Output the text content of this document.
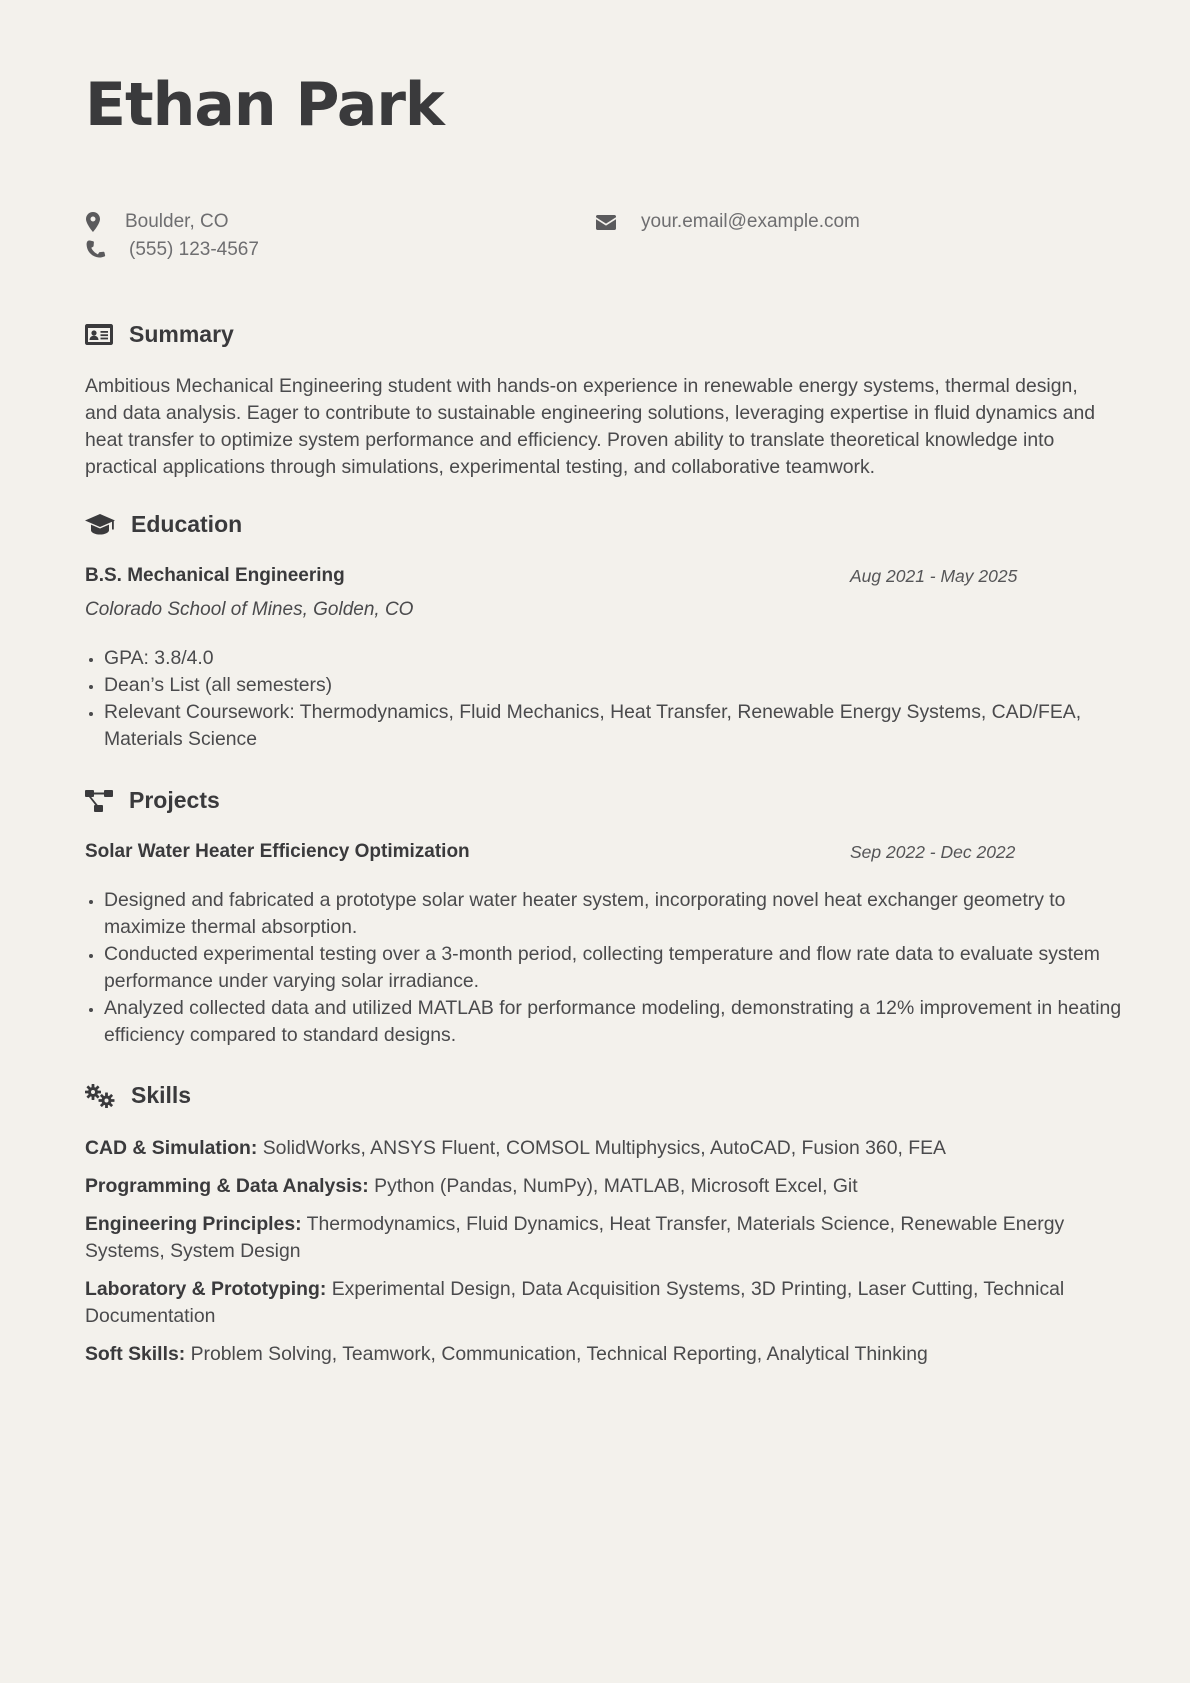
Ethan Park
Boulder, CO	your.email@example.com
(555) 123-4567
Summary

Ambitious Mechanical Engineering student with hands-on experience in renewable energy systems, thermal design, and data analysis. Eager to contribute to sustainable engineering solutions, leveraging expertise in fluid dynamics and heat transfer to optimize system performance and efficiency. Proven ability to translate theoretical knowledge into practical applications through simulations, experimental testing, and collaborative teamwork.

Education
B.S. Mechanical Engineering	Aug 2021 - May 2025
Colorado School of Mines, Golden, CO
• GPA: 3.8/4.0
• Dean’s List (all semesters)
• Relevant Coursework: Thermodynamics, Fluid Mechanics, Heat Transfer, Renewable Energy Systems, CAD/FEA, Materials Science
Projects
Solar Water Heater Efficiency Optimization	Sep 2022 - Dec 2022
• Designed and fabricated a prototype solar water heater system, incorporating novel heat exchanger geometry to maximize thermal absorption.
• Conducted experimental testing over a 3-month period, collecting temperature and flow rate data to evaluate system performance under varying solar irradiance.
• Analyzed collected data and utilized MATLAB for performance modeling, demonstrating a 12% improvement in heating efficiency compared to standard designs.
Skills

CAD & Simulation: SolidWorks, ANSYS Fluent, COMSOL Multiphysics, AutoCAD, Fusion 360, FEA

Programming & Data Analysis: Python (Pandas, NumPy), MATLAB, Microsoft Excel, Git

Engineering Principles: Thermodynamics, Fluid Dynamics, Heat Transfer, Materials Science, Renewable Energy Systems, System Design

Laboratory & Prototyping: Experimental Design, Data Acquisition Systems, 3D Printing, Laser Cutting, Technical Documentation

Soft Skills: Problem Solving, Teamwork, Communication, Technical Reporting, Analytical Thinking
